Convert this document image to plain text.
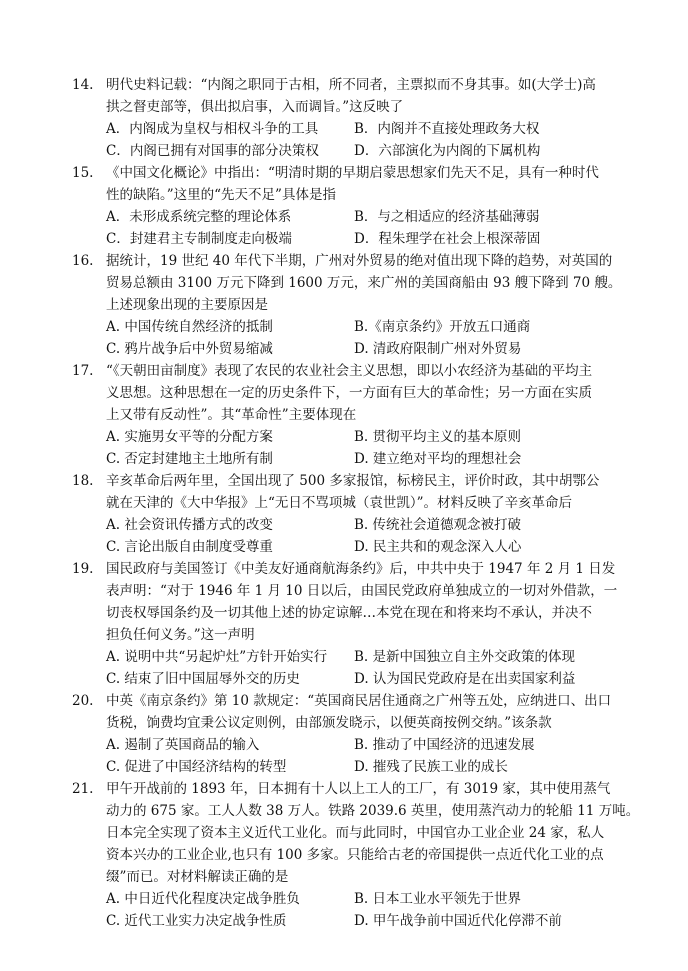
14. 明代史料记载：“内阁之职同于古相，所不同者，主票拟而不身其事。如(大学士)高
拱之督吏部等，俱出拟启事，入而调旨。”这反映了
A．内阁成为皇权与相权斗争的工具	B．内阁并不直接处理政务大权
C．内阁已拥有对国事的部分决策权	D．六部演化为内阁的下属机构
15. 《中国文化概论》中指出：“明清时期的早期启蒙思想家们先天不足，具有一种时代
性的缺陷。”这里的“先天不足”具体是指
A．未形成系统完整的理论体系	B．与之相适应的经济基础薄弱
C．封建君主专制制度走向极端	D．程朱理学在社会上根深蒂固
16. 据统计，19 世纪 40 年代下半期，广州对外贸易的绝对值出现下降的趋势，对英国的
贸易总额由 3100 万元下降到 1600 万元，来广州的美国商船由 93 艘下降到 70 艘。
上述现象出现的主要原因是
A. 中国传统自然经济的抵制	B.《南京条约》开放五口通商
C. 鸦片战争后中外贸易缩减	D. 清政府限制广州对外贸易
17. “《天朝田亩制度》表现了农民的农业社会主义思想，即以小农经济为基础的平均主
义思想。这种思想在一定的历史条件下，一方面有巨大的革命性；另一方面在实质
上又带有反动性”。其“革命性”主要体现在
A. 实施男女平等的分配方案	B. 贯彻平均主义的基本原则
C. 否定封建地主土地所有制	D. 建立绝对平均的理想社会
18. 辛亥革命后两年里，全国出现了 500 多家报馆，标榜民主，评价时政，其中胡鄂公
就在天津的《大中华报》上“无日不骂项城（袁世凯）”。材料反映了辛亥革命后
A. 社会资讯传播方式的改变	B. 传统社会道德观念被打破
C. 言论出版自由制度受尊重	D. 民主共和的观念深入人心
19. 国民政府与美国签订《中美友好通商航海条约》后，中共中央于 1947 年 2 月 1 日发
表声明：“对于 1946 年 1 月 10 日以后，由国民党政府单独成立的一切对外借款，一
切丧权辱国条约及一切其他上述的协定谅解…本党在现在和将来均不承认，并决不
担负任何义务。”这一声明
A. 说明中共“另起炉灶”方针开始实行 B. 是新中国独立自主外交政策的体现
C. 结束了旧中国屈辱外交的历史	D. 认为国民党政府是在出卖国家利益
20. 中英《南京条约》第 10 款规定：“英国商民居住通商之广州等五处，应纳进口、出口
货税，饷费均宜秉公议定则例，由部颁发晓示，以便英商按例交纳。”该条款
A. 遏制了英国商品的输入	B. 推动了中国经济的迅速发展
C. 促进了中国经济结构的转型	D. 摧残了民族工业的成长
21. 甲午开战前的 1893 年，日本拥有十人以上工人的工厂，有 3019 家，其中使用蒸气
动力的 675 家。工人人数 38 万人。铁路 2039.6 英里，使用蒸汽动力的轮船 11 万吨。
日本完全实现了资本主义近代工业化。而与此同时，中国官办工业企业 24 家，私人
资本兴办的工业企业,也只有 100 多家。只能给古老的帝国提供一点近代化工业的点
缀”而已。对材料解读正确的是
A. 中日近代化程度决定战争胜负	B. 日本工业水平领先于世界
C. 近代工业实力决定战争性质	D. 甲午战争前中国近代化停滞不前
